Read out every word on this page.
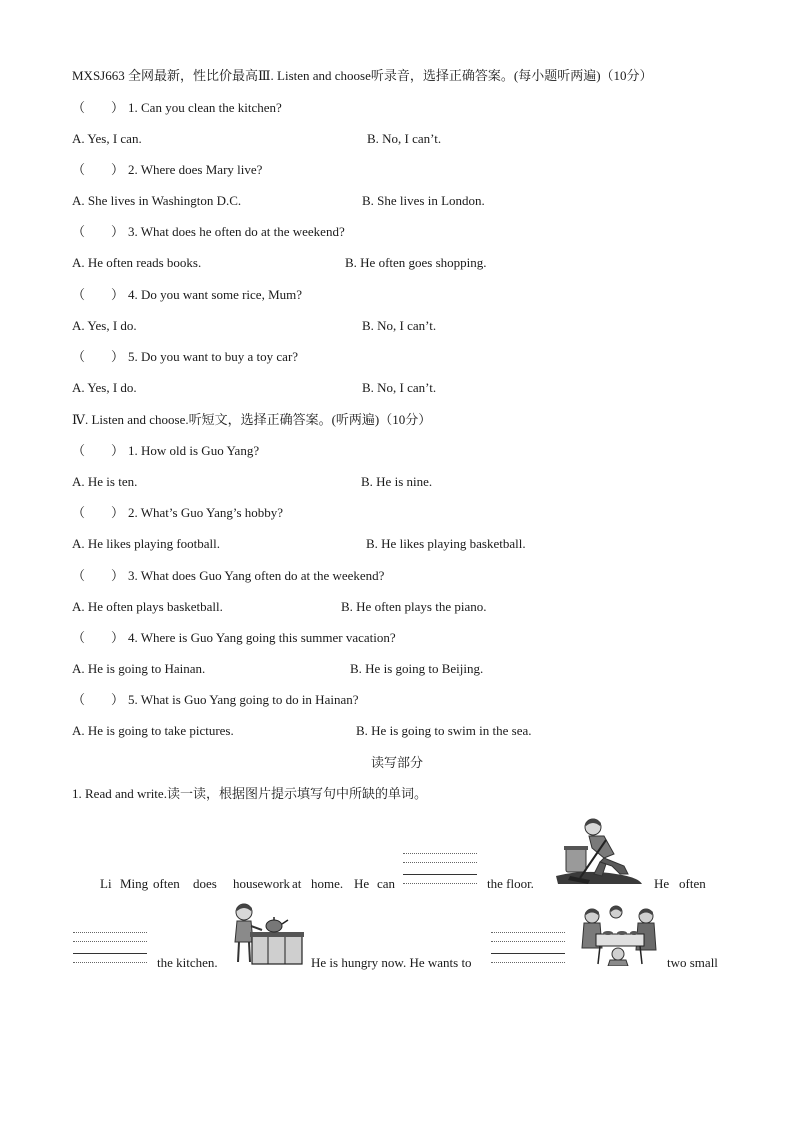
MXSJ663 全网最新，性比价最高Ⅲ. Listen and choose听录音，选择正确答案。(每小题听两遍)（10分）
（　　） 1. Can you clean the kitchen?
A. Yes, I can.	B. No, I can’t.
（　　） 2. Where does Mary live?
A. She lives in Washington D.C.	B. She lives in London.
（　　） 3. What does he often do at the weekend?
A. He often reads books.	B. He often goes shopping.
（　　） 4. Do you want some rice, Mum?
A. Yes, I do.	B. No, I can’t.
（　　） 5. Do you want to buy a toy car?
A. Yes, I do.	B. No, I can’t.
Ⅳ. Listen and choose.听短文，选择正确答案。(听两遍)（10分）
（　　） 1. How old is Guo Yang?
A. He is ten.	B. He is nine.
（　　） 2. What’s Guo Yang’s hobby?
A. He likes playing football.	B. He likes playing basketball.
（　　） 3. What does Guo Yang often do at the weekend?
A. He often plays basketball.	B. He often plays the piano.
（　　） 4. Where is Guo Yang going this summer vacation?
A. He is going to Hainan.	B. He is going to Beijing.
（　　） 5. What is Guo Yang going to do in Hainan?
A. He is going to take pictures.	B. He is going to swim in the sea.
读写部分
1. Read and write.读一读，根据图片提示填写句中所缺的单词。
Li Ming often does housework at home. He can	the floor.	He often
the kitchen.	He is hungry now. He wants to	two small
